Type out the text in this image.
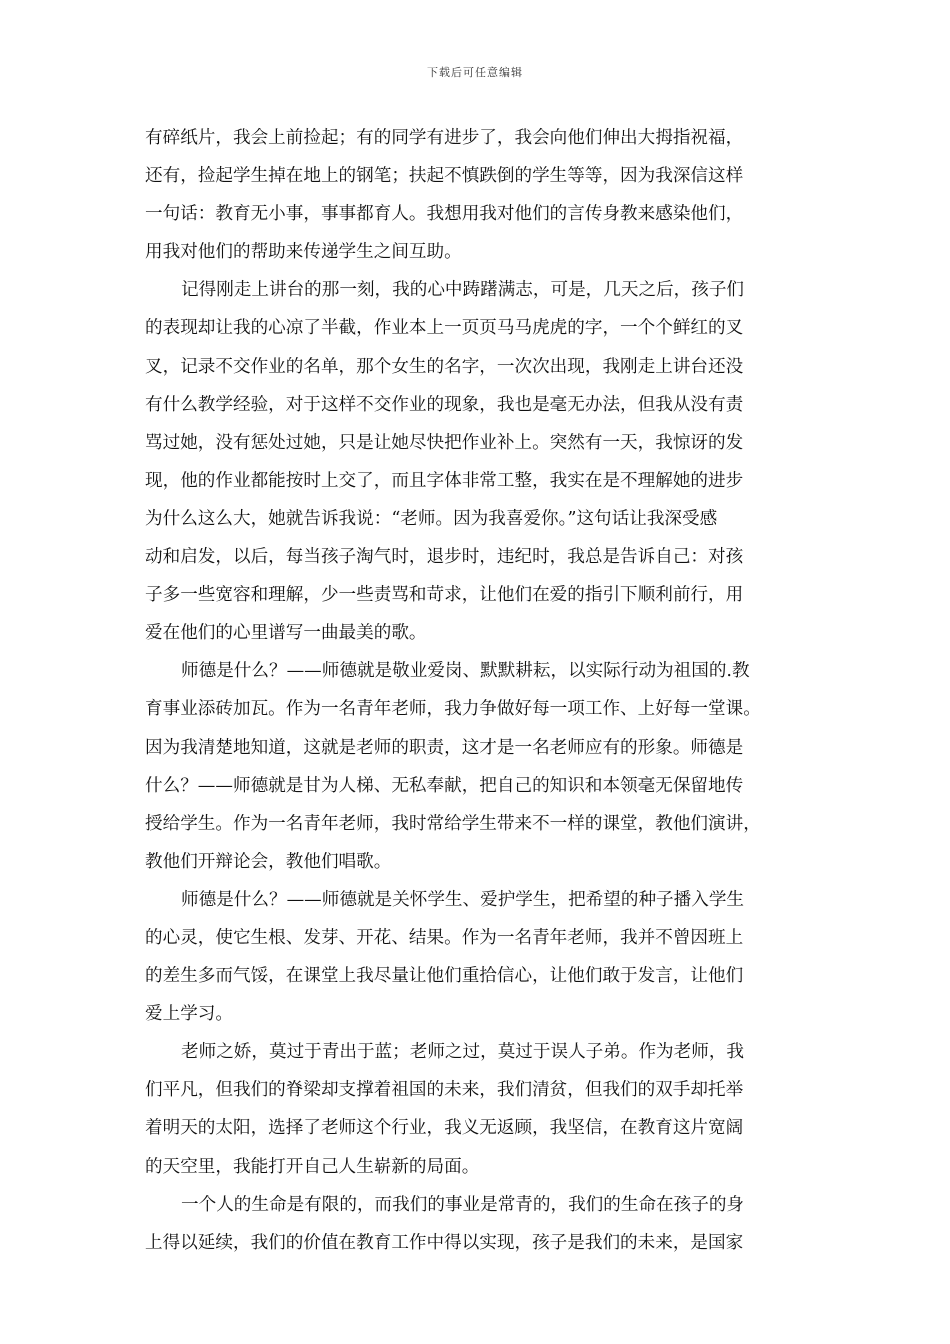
下载后可任意编辑
有碎纸片，我会上前捡起；有的同学有进步了，我会向他们伸出大拇指祝福，
还有，捡起学生掉在地上的钢笔；扶起不慎跌倒的学生等等，因为我深信这样
一句话：教育无小事，事事都育人。我想用我对他们的言传身教来感染他们，
用我对他们的帮助来传递学生之间互助。
记得刚走上讲台的那一刻，我的心中踌躇满志，可是，几天之后，孩子们
的表现却让我的心凉了半截，作业本上一页页马马虎虎的字，一个个鲜红的叉
叉，记录不交作业的名单，那个女生的名字，一次次出现，我刚走上讲台还没
有什么教学经验，对于这样不交作业的现象，我也是毫无办法，但我从没有责
骂过她，没有惩处过她，只是让她尽快把作业补上。突然有一天，我惊讶的发
现，他的作业都能按时上交了，而且字体非常工整，我实在是不理解她的进步
为什么这么大，她就告诉我说：“老师。因为我喜爱你。”这句话让我深受感
动和启发，以后，每当孩子淘气时，退步时，违纪时，我总是告诉自己：对孩
子多一些宽容和理解，少一些责骂和苛求，让他们在爱的指引下顺利前行，用
爱在他们的心里谱写一曲最美的歌。
师德是什么？——师德就是敬业爱岗、默默耕耘，以实际行动为祖国的.教
育事业添砖加瓦。作为一名青年老师，我力争做好每一项工作、上好每一堂课。
因为我清楚地知道，这就是老师的职责，这才是一名老师应有的形象。师德是
什么？——师德就是甘为人梯、无私奉献，把自己的知识和本领毫无保留地传
授给学生。作为一名青年老师，我时常给学生带来不一样的课堂，教他们演讲，
教他们开辩论会，教他们唱歌。
师德是什么？——师德就是关怀学生、爱护学生，把希望的种子播入学生
的心灵，使它生根、发芽、开花、结果。作为一名青年老师，我并不曾因班上
的差生多而气馁，在课堂上我尽量让他们重拾信心，让他们敢于发言，让他们
爱上学习。
老师之娇，莫过于青出于蓝；老师之过，莫过于误人子弟。作为老师，我
们平凡，但我们的脊梁却支撑着祖国的未来，我们清贫，但我们的双手却托举
着明天的太阳，选择了老师这个行业，我义无返顾，我坚信，在教育这片宽阔
的天空里，我能打开自己人生崭新的局面。
一个人的生命是有限的，而我们的事业是常青的，我们的生命在孩子的身
上得以延续，我们的价值在教育工作中得以实现，孩子是我们的未来，是国家
